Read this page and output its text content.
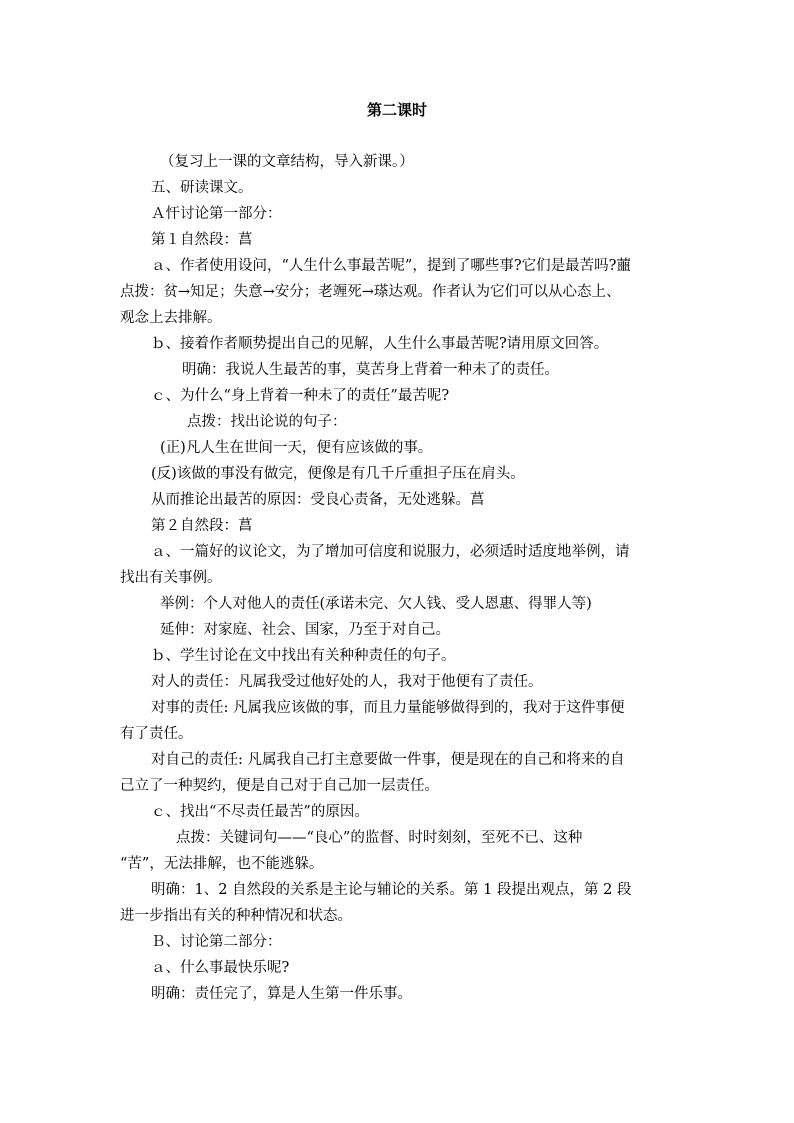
第二课时
（复习上一课的文章结构，导入新课。）
五、研读课文。
Ａ忓讨论第一部分：
第１自然段：菖
ａ、作者使用设问，“人生什么事最苦呢”，提到了哪些事?它们是最苦吗?蘁
点拨：贫→知足；失意→安分；老竰死→瑹达观。作者认为它们可以从心态上、
观念上去排解。
ｂ、接着作者顺势提出自己的见解，人生什么事最苦呢?请用原文回答。
明确：我说人生最苦的事，莫苦身上背着一种未了的责任。
ｃ、为什么“身上背着一种未了的责任”最苦呢?
点拨：找出论说的句子：
(正)凡人生在世间一天，便有应该做的事。
(反)该做的事没有做完，便像是有几千斤重担子压在肩头。
从而推论出最苦的原因：受良心责备，无处逃躲。菖
第２自然段：菖
ａ、一篇好的议论文，为了增加可信度和说服力，必须适时适度地举例，请
找出有关事例。
举例：个人对他人的责任(承诺未完、欠人钱、受人恩惠、得罪人等)
延伸：对家庭、社会、国家，乃至于对自己。
ｂ、学生讨论在文中找出有关种种责任的句子。
对人的责任：凡属我受过他好处的人，我对于他便有了责任。
对事的责任: 凡属我应该做的事，而且力量能够做得到的，我对于这件事便
有了责任。
对自己的责任: 凡属我自己打主意要做一件事，便是现在的自己和将来的自
己立了一种契约，便是自己对于自己加一层责任。
ｃ、找出“不尽责任最苦”的原因。
点拨：关键词句——“良心”的监督、时时刻刻，至死不已、这种
“苦”，无法排解，也不能逃躲。
明确：1、2 自然段的关系是主论与辅论的关系。第 1 段提出观点，第 2 段
进一步指出有关的种种情况和状态。
Ｂ、讨论第二部分：
ａ、什么事最快乐呢?
明确：责任完了，算是人生第一件乐事。
